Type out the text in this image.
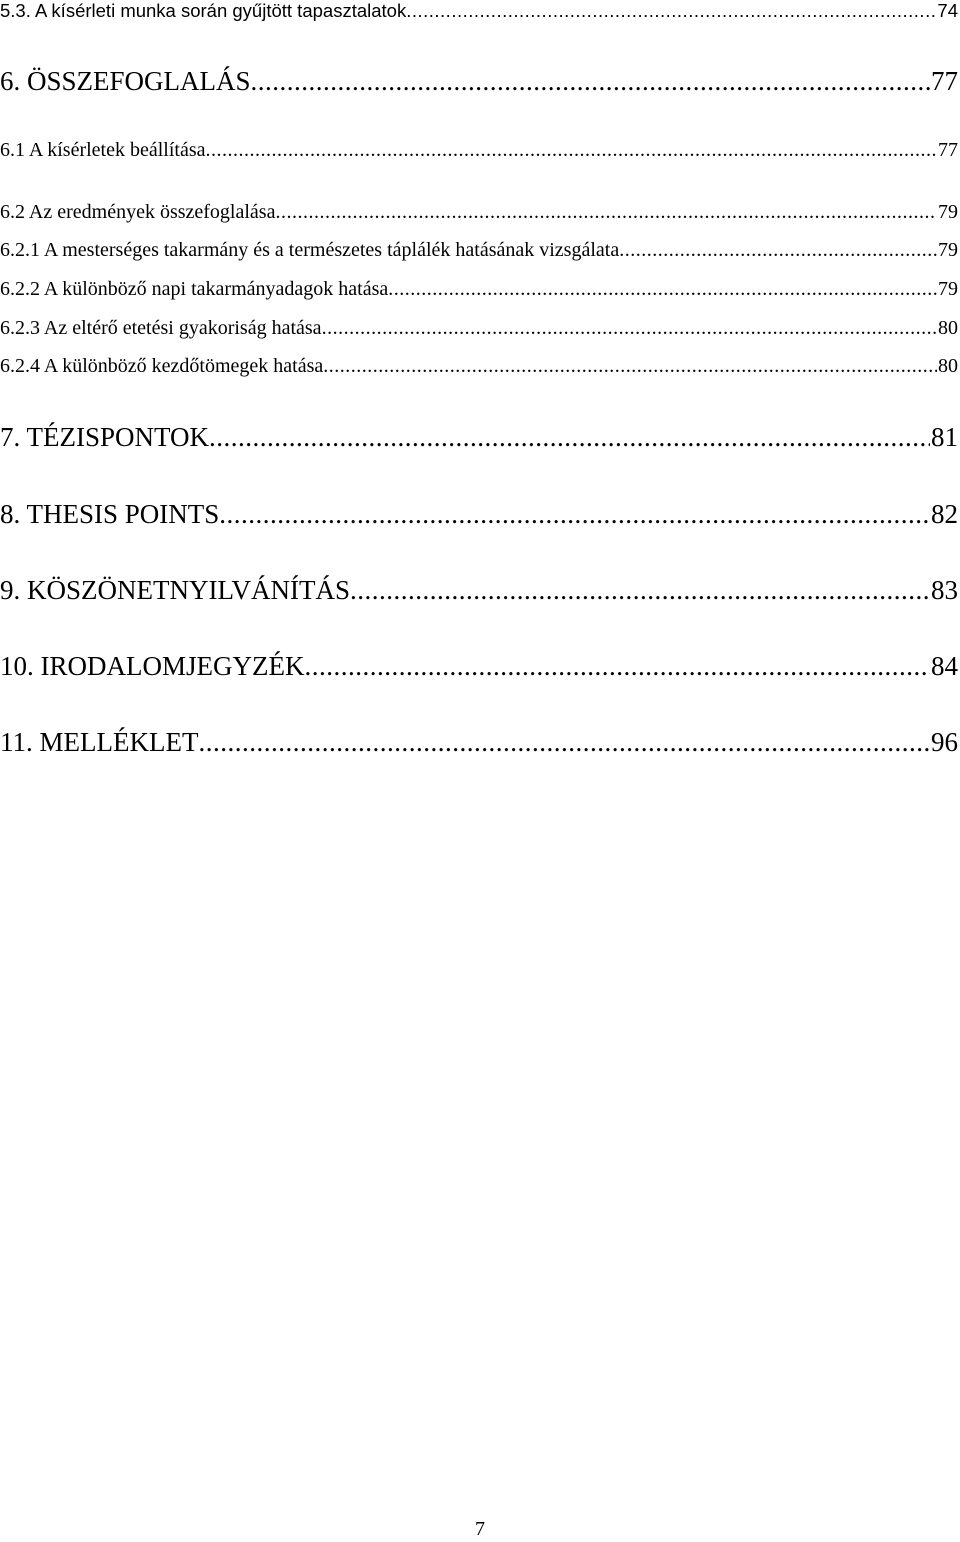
5.3. A kísérleti munka során gyűjtött tapasztalatok .....	74
6. ÖSSZEFOGLALÁS .....	77
6.1 A kísérletek beállítása .....	77
6.2 Az eredmények összefoglalása .....	79
6.2.1 A mesterséges takarmány és a természetes táplálék hatásának vizsgálata .....	79
6.2.2 A különböző napi takarmányadagok hatása .....	79
6.2.3 Az eltérő etetési gyakoriság hatása .....	80
6.2.4 A különböző kezdőtömegek hatása .....	80
7. TÉZISPONTOK .....	81
8. THESIS POINTS .....	82
9. KÖSZÖNETNYILVÁNÍTÁS .....	83
10. IRODALOMJEGYZÉK .....	84
11. MELLÉKLET .....	96
7
